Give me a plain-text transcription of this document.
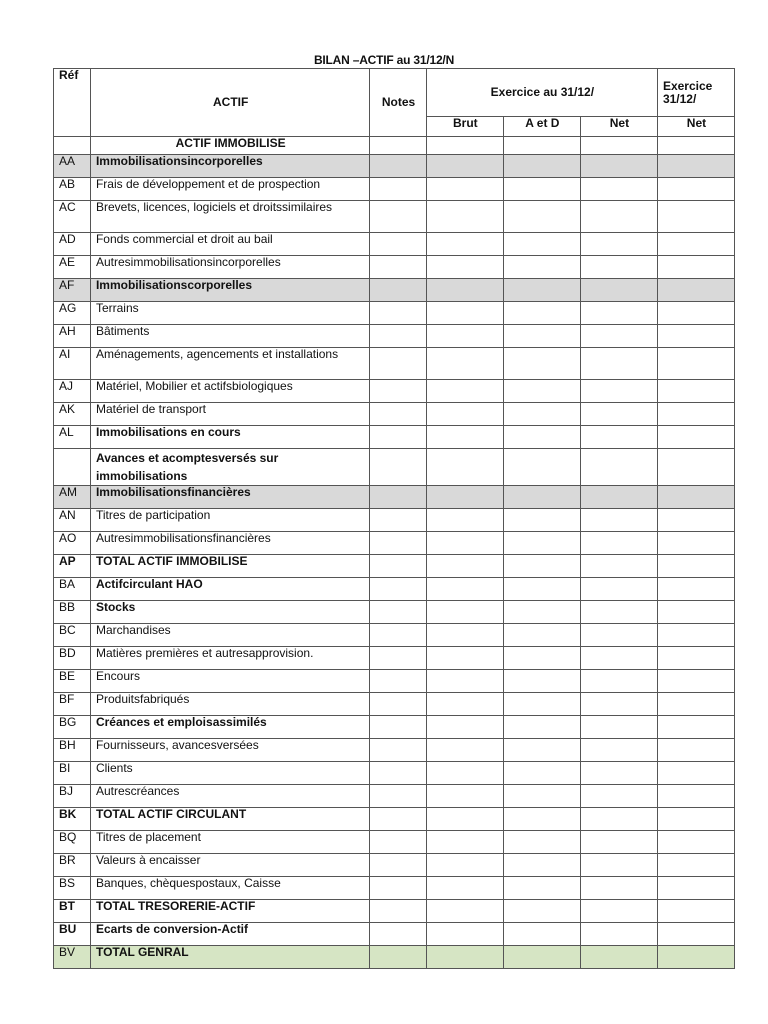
BILAN –ACTIF au 31/12/N
Réf	ACTIF	Notes	Exercice au 31/12/			Exercice 31/12/
			Brut	A et D	Net	Net
	ACTIF IMMOBILISE					
AA	Immobilisationsincorporelles					
AB	Frais de développement et de prospection					
AC	Brevets, licences, logiciels et droitssimilaires					
AD	Fonds commercial et droit au bail					
AE	Autresimmobilisationsincorporelles					
AF	Immobilisationscorporelles					
AG	Terrains					
AH	Bâtiments					
AI	Aménagements, agencements et installations					
AJ	Matériel, Mobilier et actifsbiologiques					
AK	Matériel de transport					
AL	Immobilisations en cours					
	Avances et acomptesversés sur immobilisations					
AM	Immobilisationsfinancières					
AN	Titres de participation					
AO	Autresimmobilisationsfinancières					
AP	TOTAL ACTIF IMMOBILISE					
BA	Actifcirculant HAO					
BB	Stocks					
BC	Marchandises					
BD	Matières premières et autresapprovision.					
BE	Encours					
BF	Produitsfabriqués					
BG	Créances et emploisassimilés					
BH	Fournisseurs, avancesversées					
BI	Clients					
BJ	Autrescréances					
BK	TOTAL ACTIF CIRCULANT					
BQ	Titres de placement					
BR	Valeurs à encaisser					
BS	Banques, chèquespostaux, Caisse					
BT	TOTAL TRESORERIE-ACTIF					
BU	Ecarts de conversion-Actif					
BV	TOTAL GENRAL					
